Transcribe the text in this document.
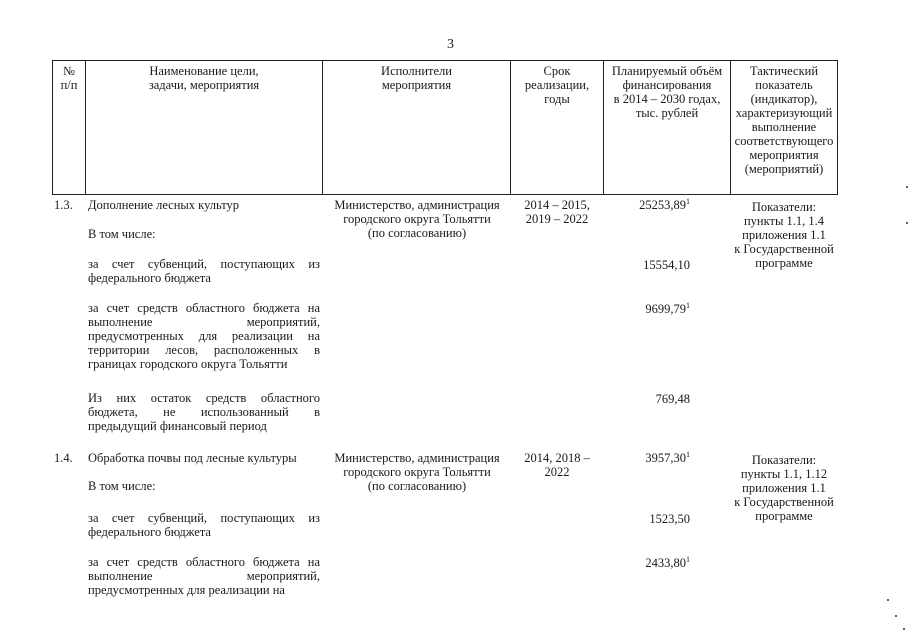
3
№
п/п
Наименование цели,
задачи, мероприятия
Исполнители
мероприятия
Срок
реализации,
годы
Планируемый объём
финансирования
в 2014 – 2030 годах,
тыс. рублей
Тактический
показатель
(индикатор),
характеризующий
выполнение
соответствующего
мероприятия
(мероприятий)
1.3. Дополнение лесных культур
В том числе:
Министерство, администрация
городского округа Тольятти
(по согласованию)
2014 – 2015,
2019 – 2022
25253,89$^1$	Показатели:
пункты 1.1, 1.4
приложения 1.1
к Государственной
программе
за счет субвенций, поступающих из федерального бюджета
15554,10
за счет средств областного бюджета на выполнение мероприятий, предусмотренных для реализации на территории лесов, расположенных в границах городского округа Тольятти
9699,79$^1$
Из них остаток средств областного бюджета, не использованный в предыдущий финансовый период
769,48
1.4. Обработка почвы под лесные культуры
В том числе:
Министерство, администрация
городского округа Тольятти
(по согласованию)
2014, 2018 –
2022
3957,30$^1$	Показатели:
пункты 1.1, 1.12
приложения 1.1
к Государственной
программе
за счет субвенций, поступающих из федерального бюджета
1523,50
за счет средств областного бюджета на выполнение мероприятий, предусмотренных для реализации на
2433,80$^1$
